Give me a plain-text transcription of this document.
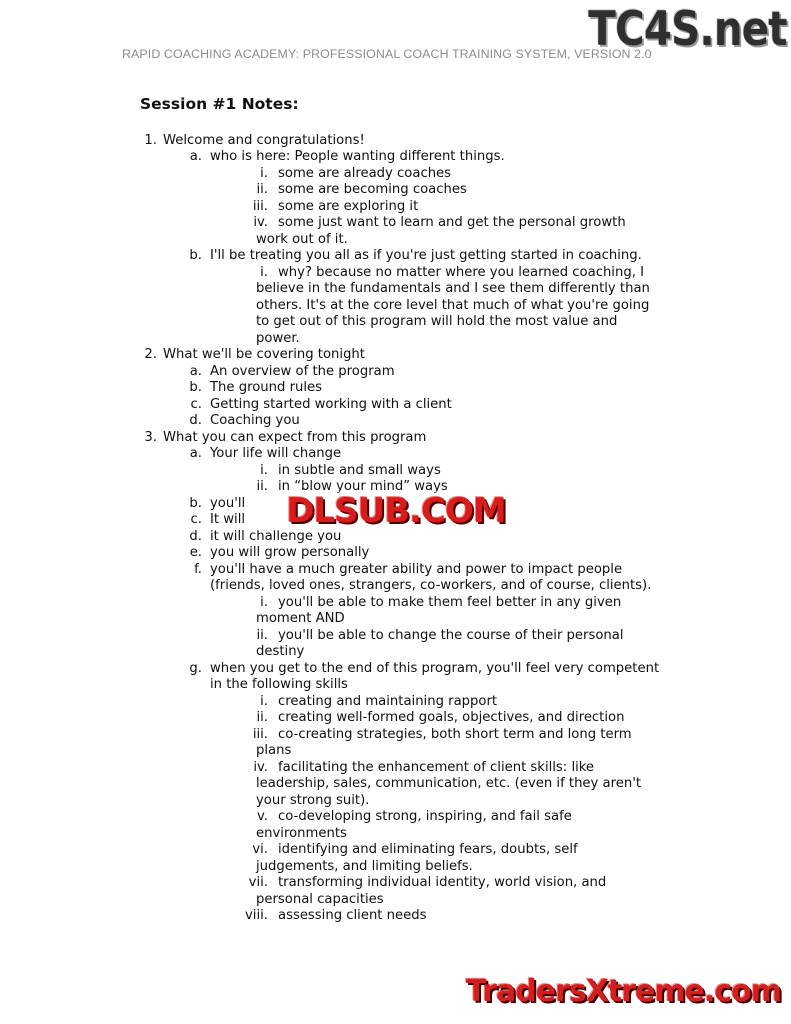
RAPID COACHING ACADEMY: PROFESSIONAL COACH TRAINING SYSTEM, VERSION 2.0
TC4S.net
Session #1 Notes:
1. Welcome and congratulations!
a. who is here: People wanting different things.
i. some are already coaches
ii. some are becoming coaches
iii. some are exploring it
iv. some just want to learn and get the personal growth
work out of it.
b. I'll be treating you all as if you're just getting started in coaching.
i. why? because no matter where you learned coaching, I
believe in the fundamentals and I see them differently than
others. It's at the core level that much of what you're going
to get out of this program will hold the most value and
power.
2. What we'll be covering tonight
a. An overview of the program
b. The ground rules
c. Getting started working with a client
d. Coaching you
3. What you can expect from this program
a. Your life will change
i. in subtle and small ways
ii. in “blow your mind” ways
b. you'll
c. It will
d. it will challenge you
e. you will grow personally
f. you'll have a much greater ability and power to impact people
(friends, loved ones, strangers, co-workers, and of course, clients).
i. you'll be able to make them feel better in any given
moment AND
ii. you'll be able to change the course of their personal
destiny
g. when you get to the end of this program, you'll feel very competent
in the following skills
i. creating and maintaining rapport
ii. creating well-formed goals, objectives, and direction
iii. co-creating strategies, both short term and long term
plans
iv. facilitating the enhancement of client skills: like
leadership, sales, communication, etc. (even if they aren't
your strong suit).
v. co-developing strong, inspiring, and fail safe
environments
vi. identifying and eliminating fears, doubts, self
judgements, and limiting beliefs.
vii. transforming individual identity, world vision, and
personal capacities
viii. assessing client needs
DLSUB.COM
TradersXtreme.com
